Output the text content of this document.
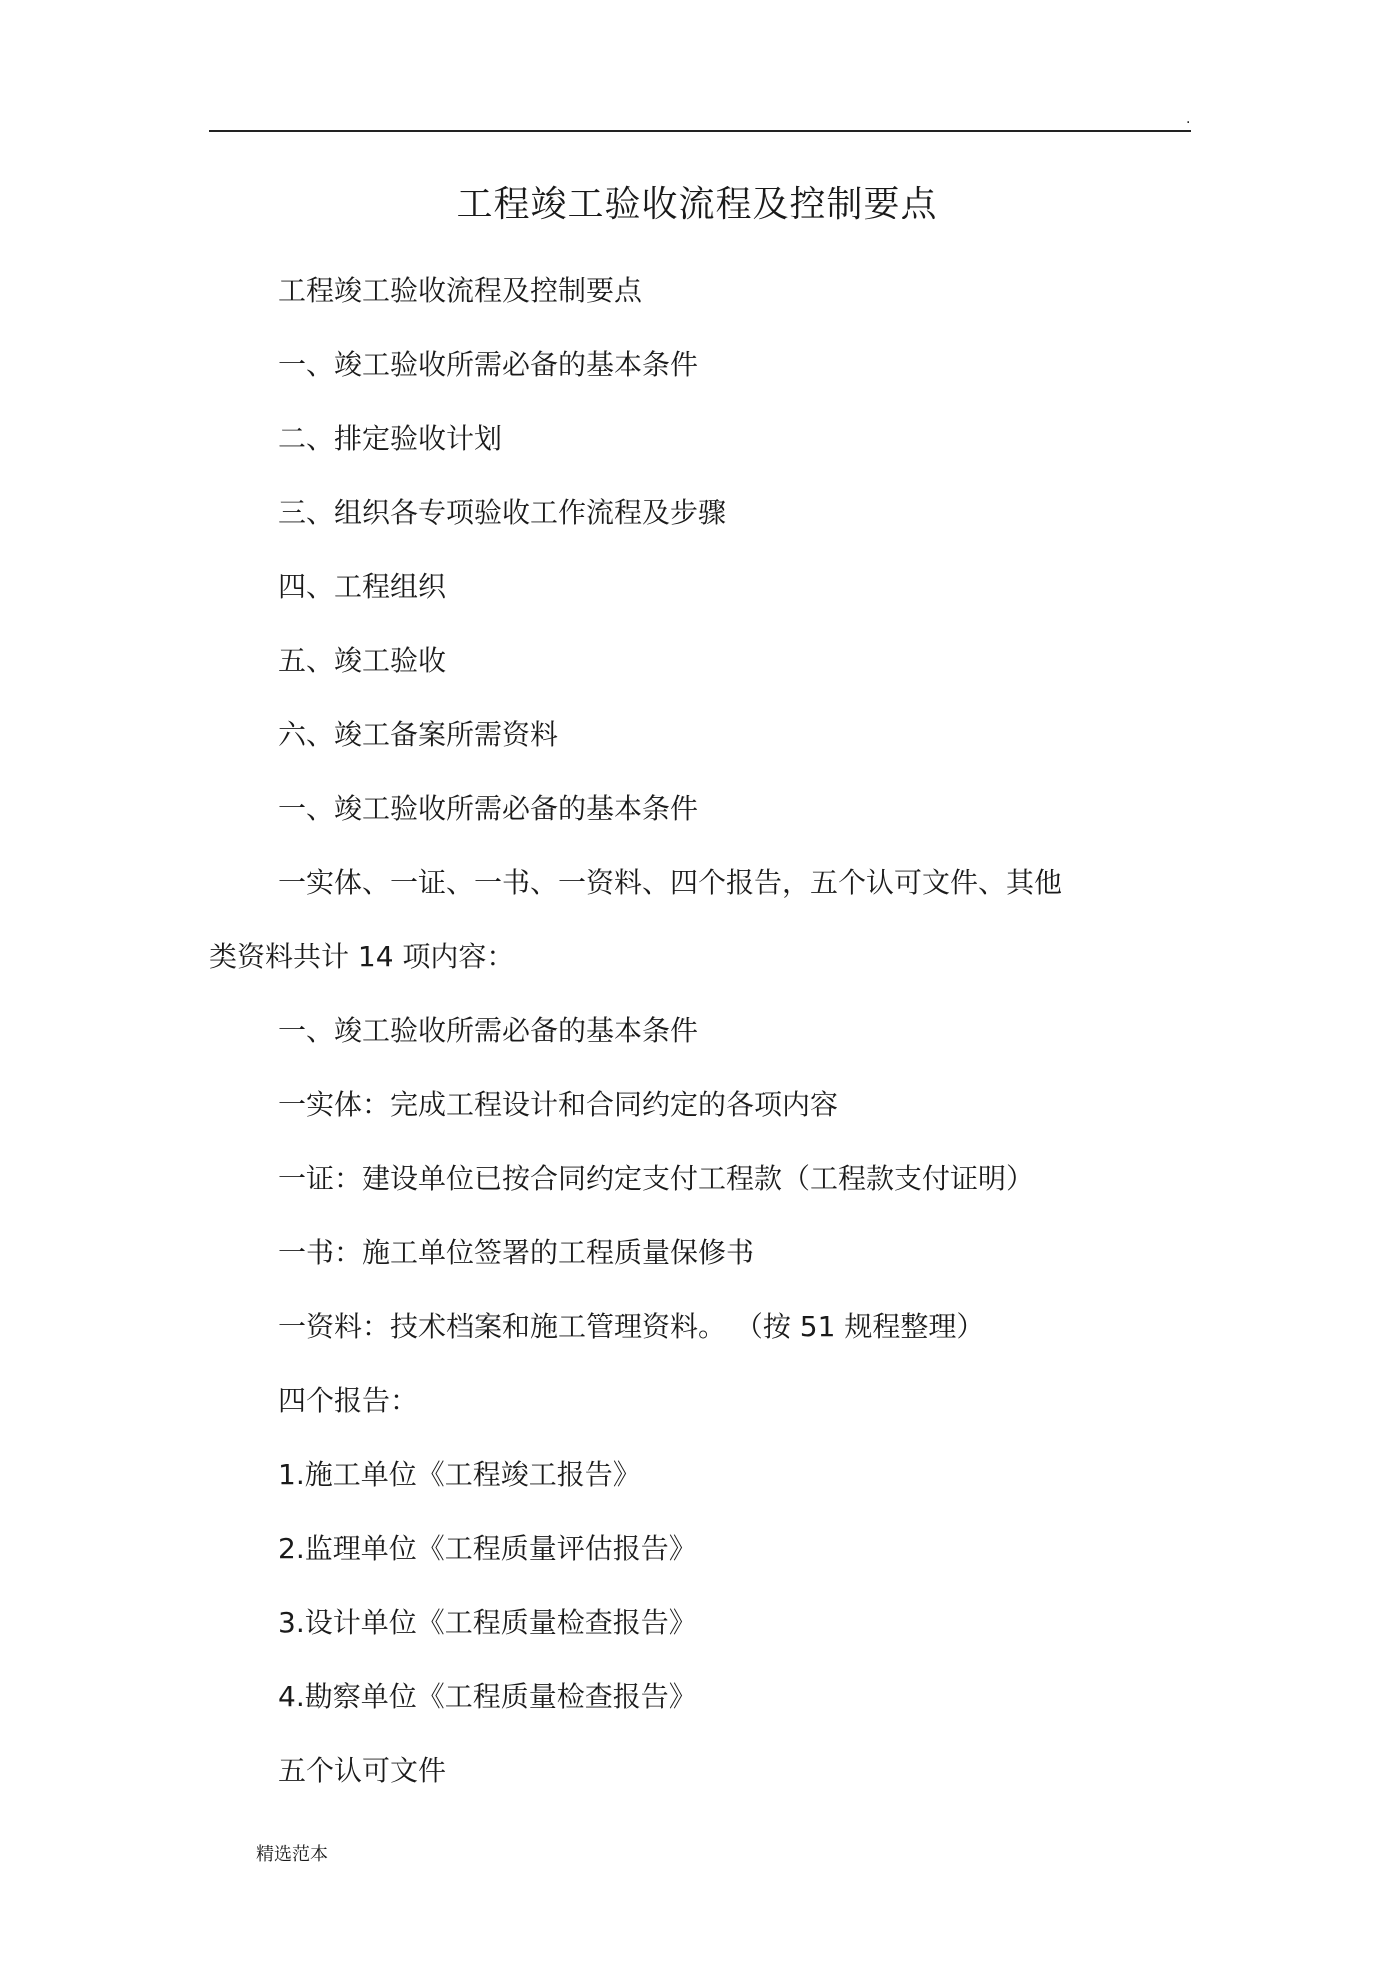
.
工程竣工验收流程及控制要点

工程竣工验收流程及控制要点

一、竣工验收所需必备的基本条件

二、排定验收计划

三、组织各专项验收工作流程及步骤

四、工程组织

五、竣工验收

六、竣工备案所需资料

一、竣工验收所需必备的基本条件

一实体、一证、一书、一资料、四个报告，五个认可文件、其他

类资料共计 14 项内容：

一、竣工验收所需必备的基本条件

一实体：完成工程设计和合同约定的各项内容

一证：建设单位已按合同约定支付工程款（工程款支付证明）

一书：施工单位签署的工程质量保修书

一资料：技术档案和施工管理资料。 （按 51 规程整理）

四个报告：

1.施工单位《工程竣工报告》

2.监理单位《工程质量评估报告》

3.设计单位《工程质量检查报告》

4.勘察单位《工程质量检查报告》

五个认可文件

精选范本
